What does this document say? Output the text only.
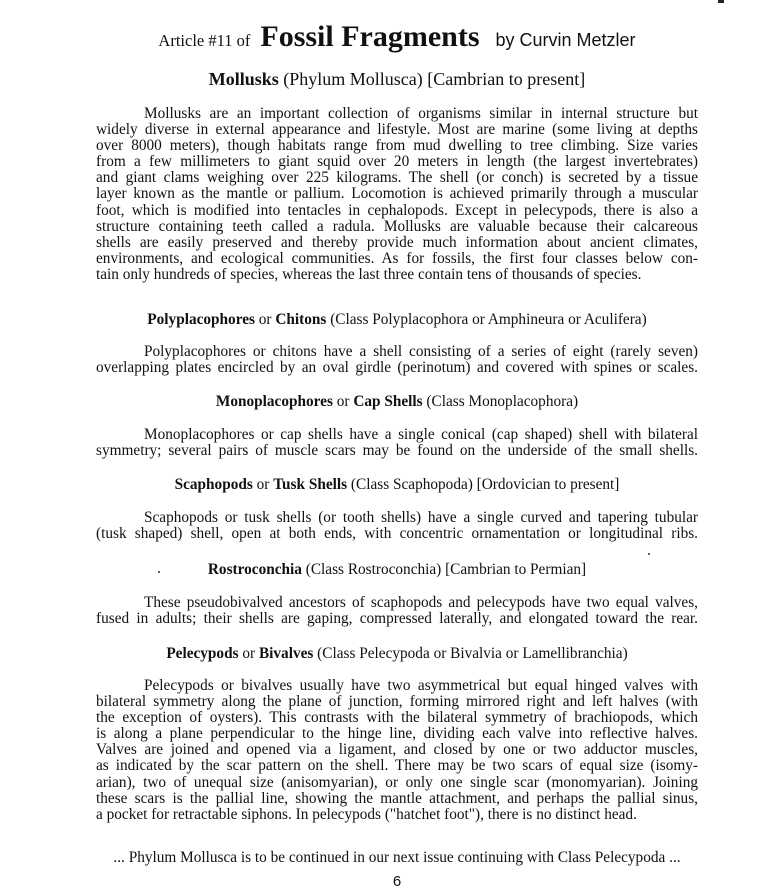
Article #11 of Fossil Fragments by Curvin Metzler
Mollusks (Phylum Mollusca) [Cambrian to present]
Mollusks are an important collection of organisms similar in internal structure but
widely diverse in external appearance and lifestyle. Most are marine (some living at depths
over 8000 meters), though habitats range from mud dwelling to tree climbing. Size varies
from a few millimeters to giant squid over 20 meters in length (the largest invertebrates)
and giant clams weighing over 225 kilograms. The shell (or conch) is secreted by a tissue
layer known as the mantle or pallium. Locomotion is achieved primarily through a muscular
foot, which is modified into tentacles in cephalopods. Except in pelecypods, there is also a
structure containing teeth called a radula. Mollusks are valuable because their calcareous
shells are easily preserved and thereby provide much information about ancient climates,
environments, and ecological communities. As for fossils, the first four classes below con-
tain only hundreds of species, whereas the last three contain tens of thousands of species.
Polyplacophores or Chitons (Class Polyplacophora or Amphineura or Aculifera)
Polyplacophores or chitons have a shell consisting of a series of eight (rarely seven)
overlapping plates encircled by an oval girdle (perinotum) and covered with spines or scales.
Monoplacophores or Cap Shells (Class Monoplacophora)
Monoplacophores or cap shells have a single conical (cap shaped) shell with bilateral
symmetry; several pairs of muscle scars may be found on the underside of the small shells.
Scaphopods or Tusk Shells (Class Scaphopoda) [Ordovician to present]
Scaphopods or tusk shells (or tooth shells) have a single curved and tapering tubular
(tusk shaped) shell, open at both ends, with concentric ornamentation or longitudinal ribs.
Rostroconchia (Class Rostroconchia) [Cambrian to Permian]
These pseudobivalved ancestors of scaphopods and pelecypods have two equal valves,
fused in adults; their shells are gaping, compressed laterally, and elongated toward the rear.
Pelecypods or Bivalves (Class Pelecypoda or Bivalvia or Lamellibranchia)
Pelecypods or bivalves usually have two asymmetrical but equal hinged valves with
bilateral symmetry along the plane of junction, forming mirrored right and left halves (with
the exception of oysters). This contrasts with the bilateral symmetry of brachiopods, which
is along a plane perpendicular to the hinge line, dividing each valve into reflective halves.
Valves are joined and opened via a ligament, and closed by one or two adductor muscles,
as indicated by the scar pattern on the shell. There may be two scars of equal size (isomy-
arian), two of unequal size (anisomyarian), or only one single scar (monomyarian). Joining
these scars is the pallial line, showing the mantle attachment, and perhaps the pallial sinus,
a pocket for retractable siphons. In pelecypods ("hatchet foot"), there is no distinct head.
... Phylum Mollusca is to be continued in our next issue continuing with Class Pelecypoda ...
6
